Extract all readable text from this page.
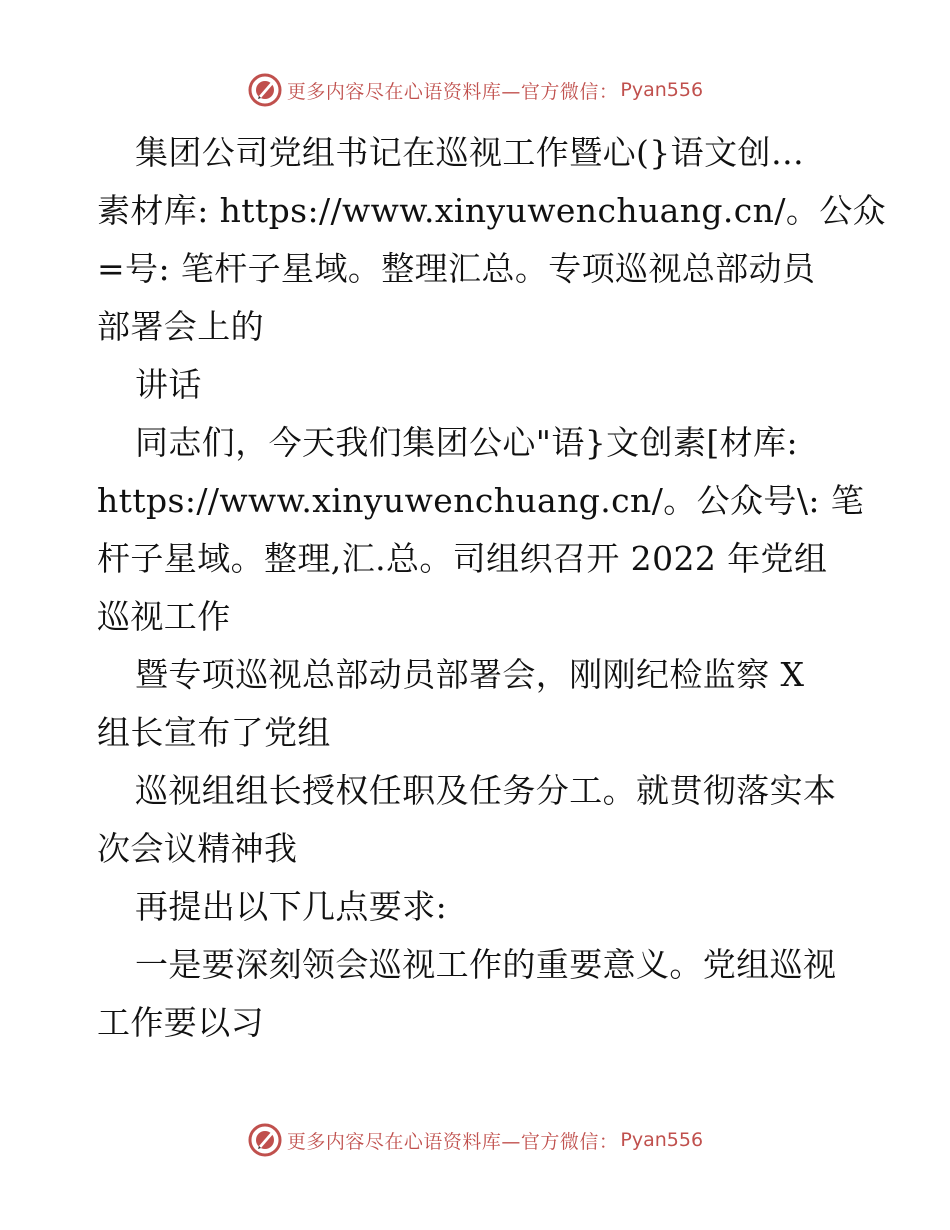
更多内容尽在心语资料库—官方微信： Pyan556
集团公司党组书记在巡视工作暨心(}语文创…
素材库: https://www.xinyuwenchuang.cn/。公众
=号: 笔杆子星域。整理汇总。专项巡视总部动员
部署会上的
讲话
同志们，今天我们集团公心"语}文创素[材库:
https://www.xinyuwenchuang.cn/。公众号\: 笔
杆子星域。整理,汇.总。司组织召开 2022 年党组
巡视工作
暨专项巡视总部动员部署会，刚刚纪检监察 X
组长宣布了党组
巡视组组长授权任职及任务分工。就贯彻落实本
次会议精神我
再提出以下几点要求:
一是要深刻领会巡视工作的重要意义。党组巡视
工作要以习
更多内容尽在心语资料库—官方微信： Pyan556
